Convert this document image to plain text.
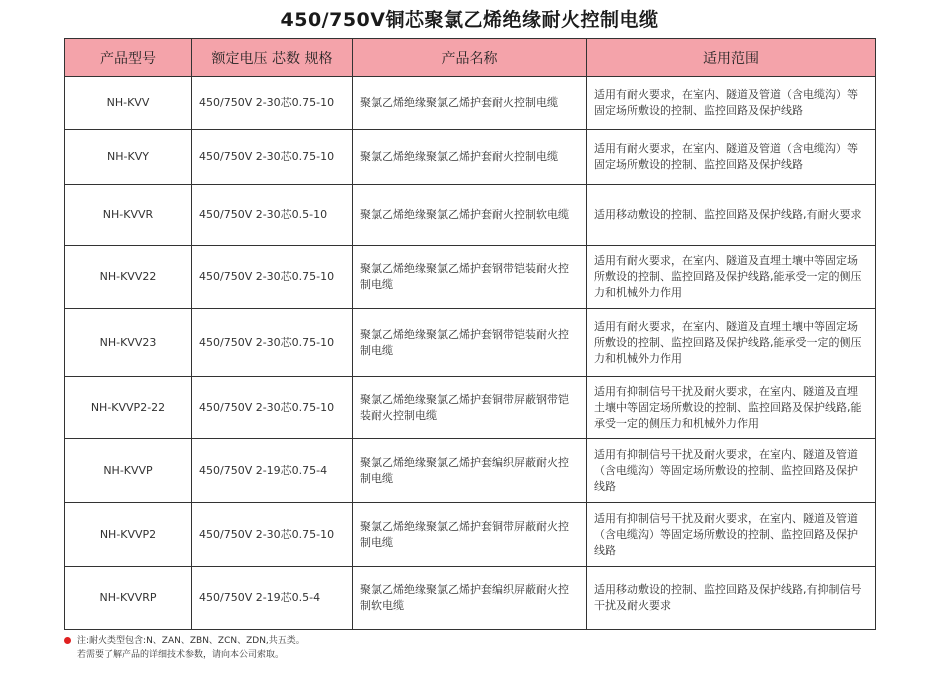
450/750V铜芯聚氯乙烯绝缘耐火控制电缆
产品型号	额定电压 芯数 规格	产品名称	适用范围
NH-KVV	450/750V 2-30芯0.75-10	聚氯乙烯绝缘聚氯乙烯护套耐火控制电缆	适用有耐火要求，在室内、隧道及管道（含电缆沟）等固定场所敷设的控制、监控回路及保护线路
NH-KVY	450/750V 2-30芯0.75-10	聚氯乙烯绝缘聚氯乙烯护套耐火控制电缆	适用有耐火要求，在室内、隧道及管道（含电缆沟）等固定场所敷设的控制、监控回路及保护线路
NH-KVVR	450/750V 2-30芯0.5-10	聚氯乙烯绝缘聚氯乙烯护套耐火控制软电缆	适用移动敷设的控制、监控回路及保护线路,有耐火要求
NH-KVV22	450/750V 2-30芯0.75-10	聚氯乙烯绝缘聚氯乙烯护套钢带铠装耐火控制电缆	适用有耐火要求，在室内、隧道及直埋土壤中等固定场所敷设的控制、监控回路及保护线路,能承受一定的侧压力和机械外力作用
NH-KVV23	450/750V 2-30芯0.75-10	聚氯乙烯绝缘聚氯乙烯护套钢带铠装耐火控制电缆	适用有耐火要求，在室内、隧道及直埋土壤中等固定场所敷设的控制、监控回路及保护线路,能承受一定的侧压力和机械外力作用
NH-KVVP2-22	450/750V 2-30芯0.75-10	聚氯乙烯绝缘聚氯乙烯护套铜带屏蔽钢带铠装耐火控制电缆	适用有抑制信号干扰及耐火要求，在室内、隧道及直埋土壤中等固定场所敷设的控制、监控回路及保护线路,能承受一定的侧压力和机械外力作用
NH-KVVP	450/750V 2-19芯0.75-4	聚氯乙烯绝缘聚氯乙烯护套编织屏蔽耐火控制电缆	适用有抑制信号干扰及耐火要求，在室内、隧道及管道（含电缆沟）等固定场所敷设的控制、监控回路及保护线路
NH-KVVP2	450/750V 2-30芯0.75-10	聚氯乙烯绝缘聚氯乙烯护套铜带屏蔽耐火控制电缆	适用有抑制信号干扰及耐火要求，在室内、隧道及管道（含电缆沟）等固定场所敷设的控制、监控回路及保护线路
NH-KVVRP	450/750V 2-19芯0.5-4	聚氯乙烯绝缘聚氯乙烯护套编织屏蔽耐火控制软电缆	适用移动敷设的控制、监控回路及保护线路,有抑制信号干扰及耐火要求
注:耐火类型包含:N、ZAN、ZBN、ZCN、ZDN,共五类。
若需要了解产品的详细技术参数，请向本公司索取。
